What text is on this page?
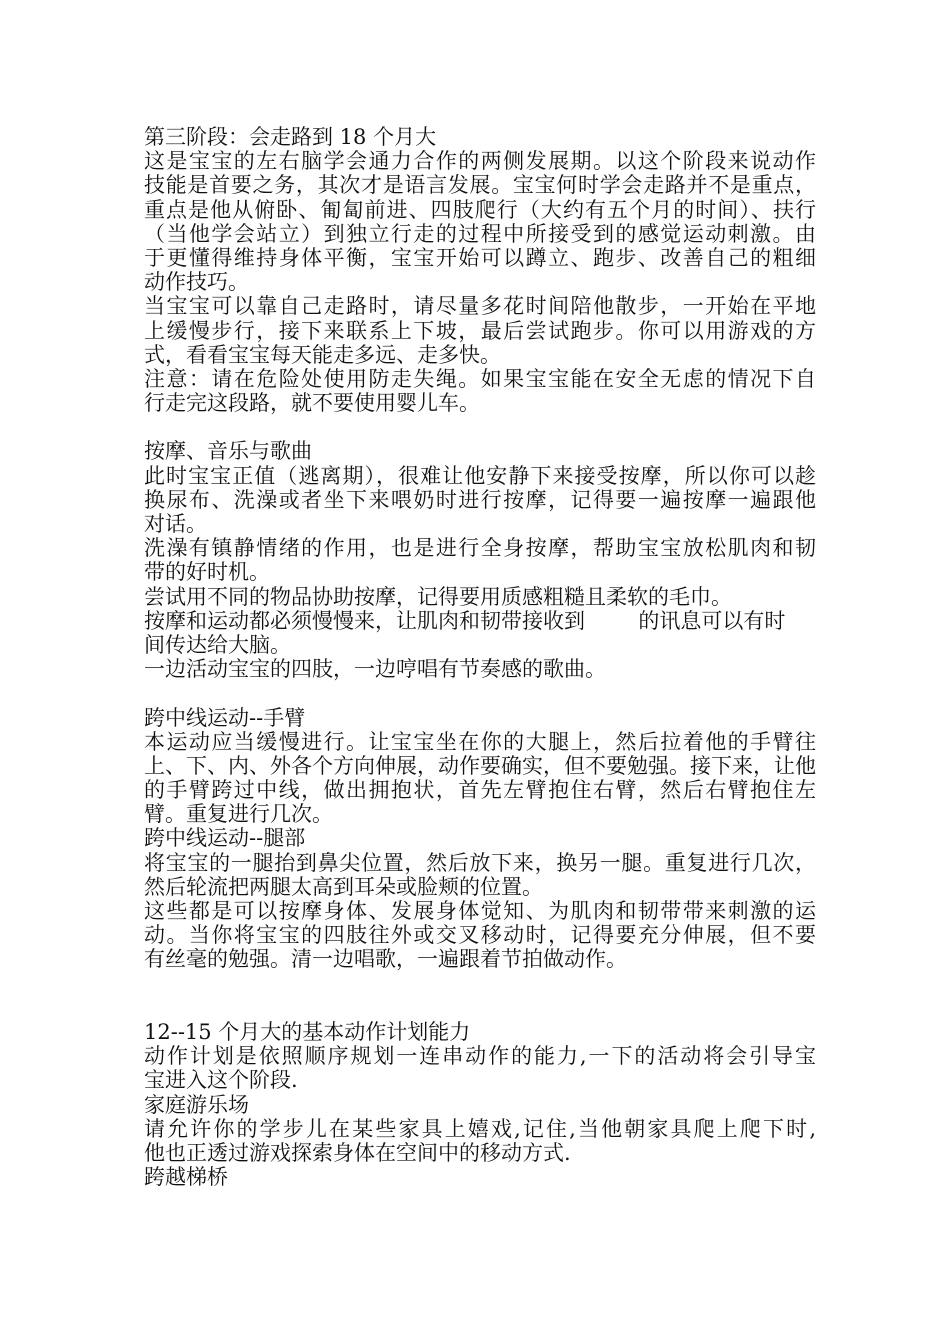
第三阶段：会走路到 18 个月大
这是宝宝的左右脑学会通力合作的两侧发展期。以这个阶段来说动作
技能是首要之务，其次才是语言发展。宝宝何时学会走路并不是重点，
重点是他从俯卧、匍匐前进、四肢爬行（大约有五个月的时间）、扶行
（当他学会站立）到独立行走的过程中所接受到的感觉运动刺激。由
于更懂得维持身体平衡，宝宝开始可以蹲立、跑步、改善自己的粗细
动作技巧。
当宝宝可以靠自己走路时，请尽量多花时间陪他散步，一开始在平地
上缓慢步行，接下来联系上下坡，最后尝试跑步。你可以用游戏的方
式，看看宝宝每天能走多远、走多快。
注意：请在危险处使用防走失绳。如果宝宝能在安全无虑的情况下自
行走完这段路，就不要使用婴儿车。
按摩、音乐与歌曲
此时宝宝正值（逃离期），很难让他安静下来接受按摩，所以你可以趁
换尿布、洗澡或者坐下来喂奶时进行按摩，记得要一遍按摩一遍跟他
对话。
洗澡有镇静情绪的作用，也是进行全身按摩，帮助宝宝放松肌肉和韧
带的好时机。
尝试用不同的物品协助按摩，记得要用质感粗糙且柔软的毛巾。
按摩和运动都必须慢慢来，让肌肉和韧带接收到        的讯息可以有时
间传达给大脑。
一边活动宝宝的四肢，一边哼唱有节奏感的歌曲。
跨中线运动--手臂
本运动应当缓慢进行。让宝宝坐在你的大腿上，然后拉着他的手臂往
上、下、内、外各个方向伸展，动作要确实，但不要勉强。接下来，让他
的手臂跨过中线，做出拥抱状，首先左臂抱住右臂，然后右臂抱住左
臂。重复进行几次。
跨中线运动--腿部
将宝宝的一腿抬到鼻尖位置，然后放下来，换另一腿。重复进行几次，
然后轮流把两腿太高到耳朵或脸颊的位置。
这些都是可以按摩身体、发展身体觉知、为肌肉和韧带带来刺激的运
动。当你将宝宝的四肢往外或交叉移动时，记得要充分伸展，但不要
有丝毫的勉强。清一边唱歌，一遍跟着节拍做动作。
12--15 个月大的基本动作计划能力
动作计划是依照顺序规划一连串动作的能力,一下的活动将会引导宝
宝进入这个阶段.
家庭游乐场
请允许你的学步儿在某些家具上嬉戏,记住,当他朝家具爬上爬下时,
他也正透过游戏探索身体在空间中的移动方式.
跨越梯桥
